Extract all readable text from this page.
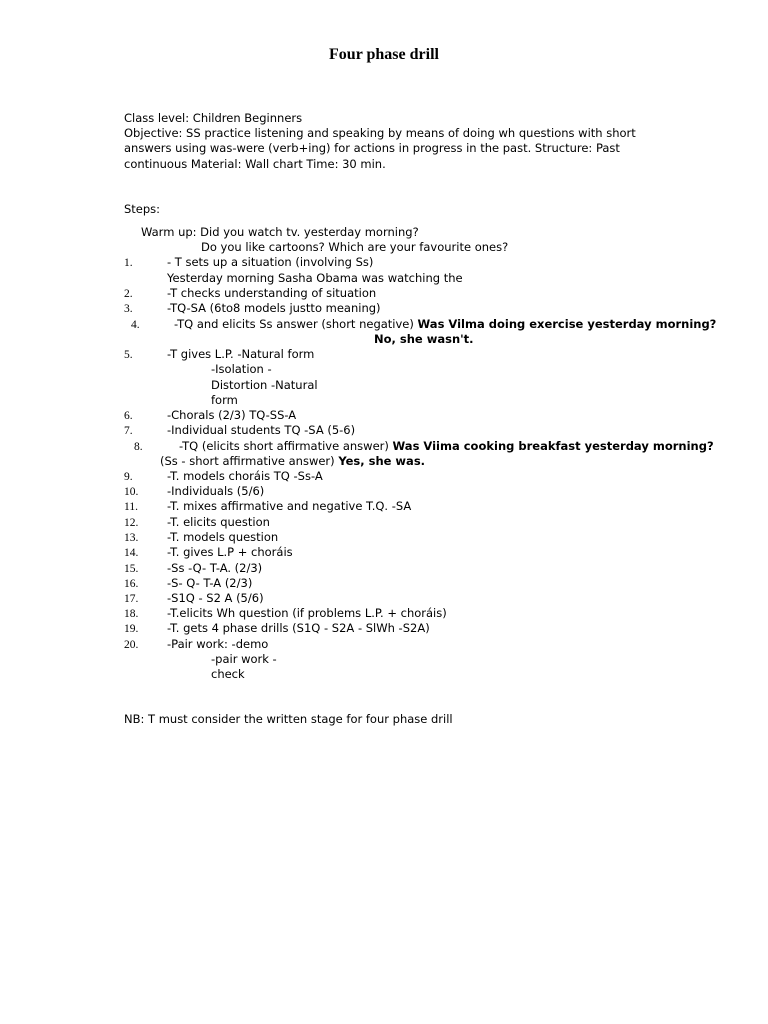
Four phase drill
Class level: Children Beginners
Objective: SS practice listening and speaking by means of doing wh questions with short
answers using was-were (verb+ing) for actions in progress in the past. Structure: Past
continuous Material: Wall chart Time: 30 min.
Steps:
Warm up: Did you watch tv. yesterday morning?
Do you like cartoons? Which are your favourite ones?
1.	- T sets up a situation (involving Ss)
Yesterday morning Sasha Obama was watching the
2.	-T checks understanding of situation
3.	-TQ-SA (6to8 models justto meaning)
4.	-TQ and elicits Ss answer (short negative) Was Vilma doing exercise yesterday morning?
No, she wasn't.
5.	-T gives L.P. -Natural form
-Isolation -
Distortion -Natural
form
6.	-Chorals (2/3) TQ-SS-A
7.	-Individual students TQ -SA (5-6)
8.	-TQ (elicits short affirmative answer) Was Viima cooking breakfast yesterday morning?
(Ss - short affirmative answer) Yes, she was.
9.	-T. models choráis TQ -Ss-A
10. -Individuals (5/6)
11.	-T. mixes affirmative and negative T.Q. -SA
12. -T. elicits question
13. -T. models question
14. -T. gives L.P + choráis
15. -Ss -Q- T-A. (2/3)
16. -S- Q- T-A (2/3)
17. -S1Q - S2 A (5/6)
18. -T.elicits Wh question (if problems L.P. + choráis)
19. -T. gets 4 phase drills (S1Q - S2A - SlWh -S2A)
20. -Pair work: -demo
-pair work -
check
NB: T must consider the written stage for four phase drill
